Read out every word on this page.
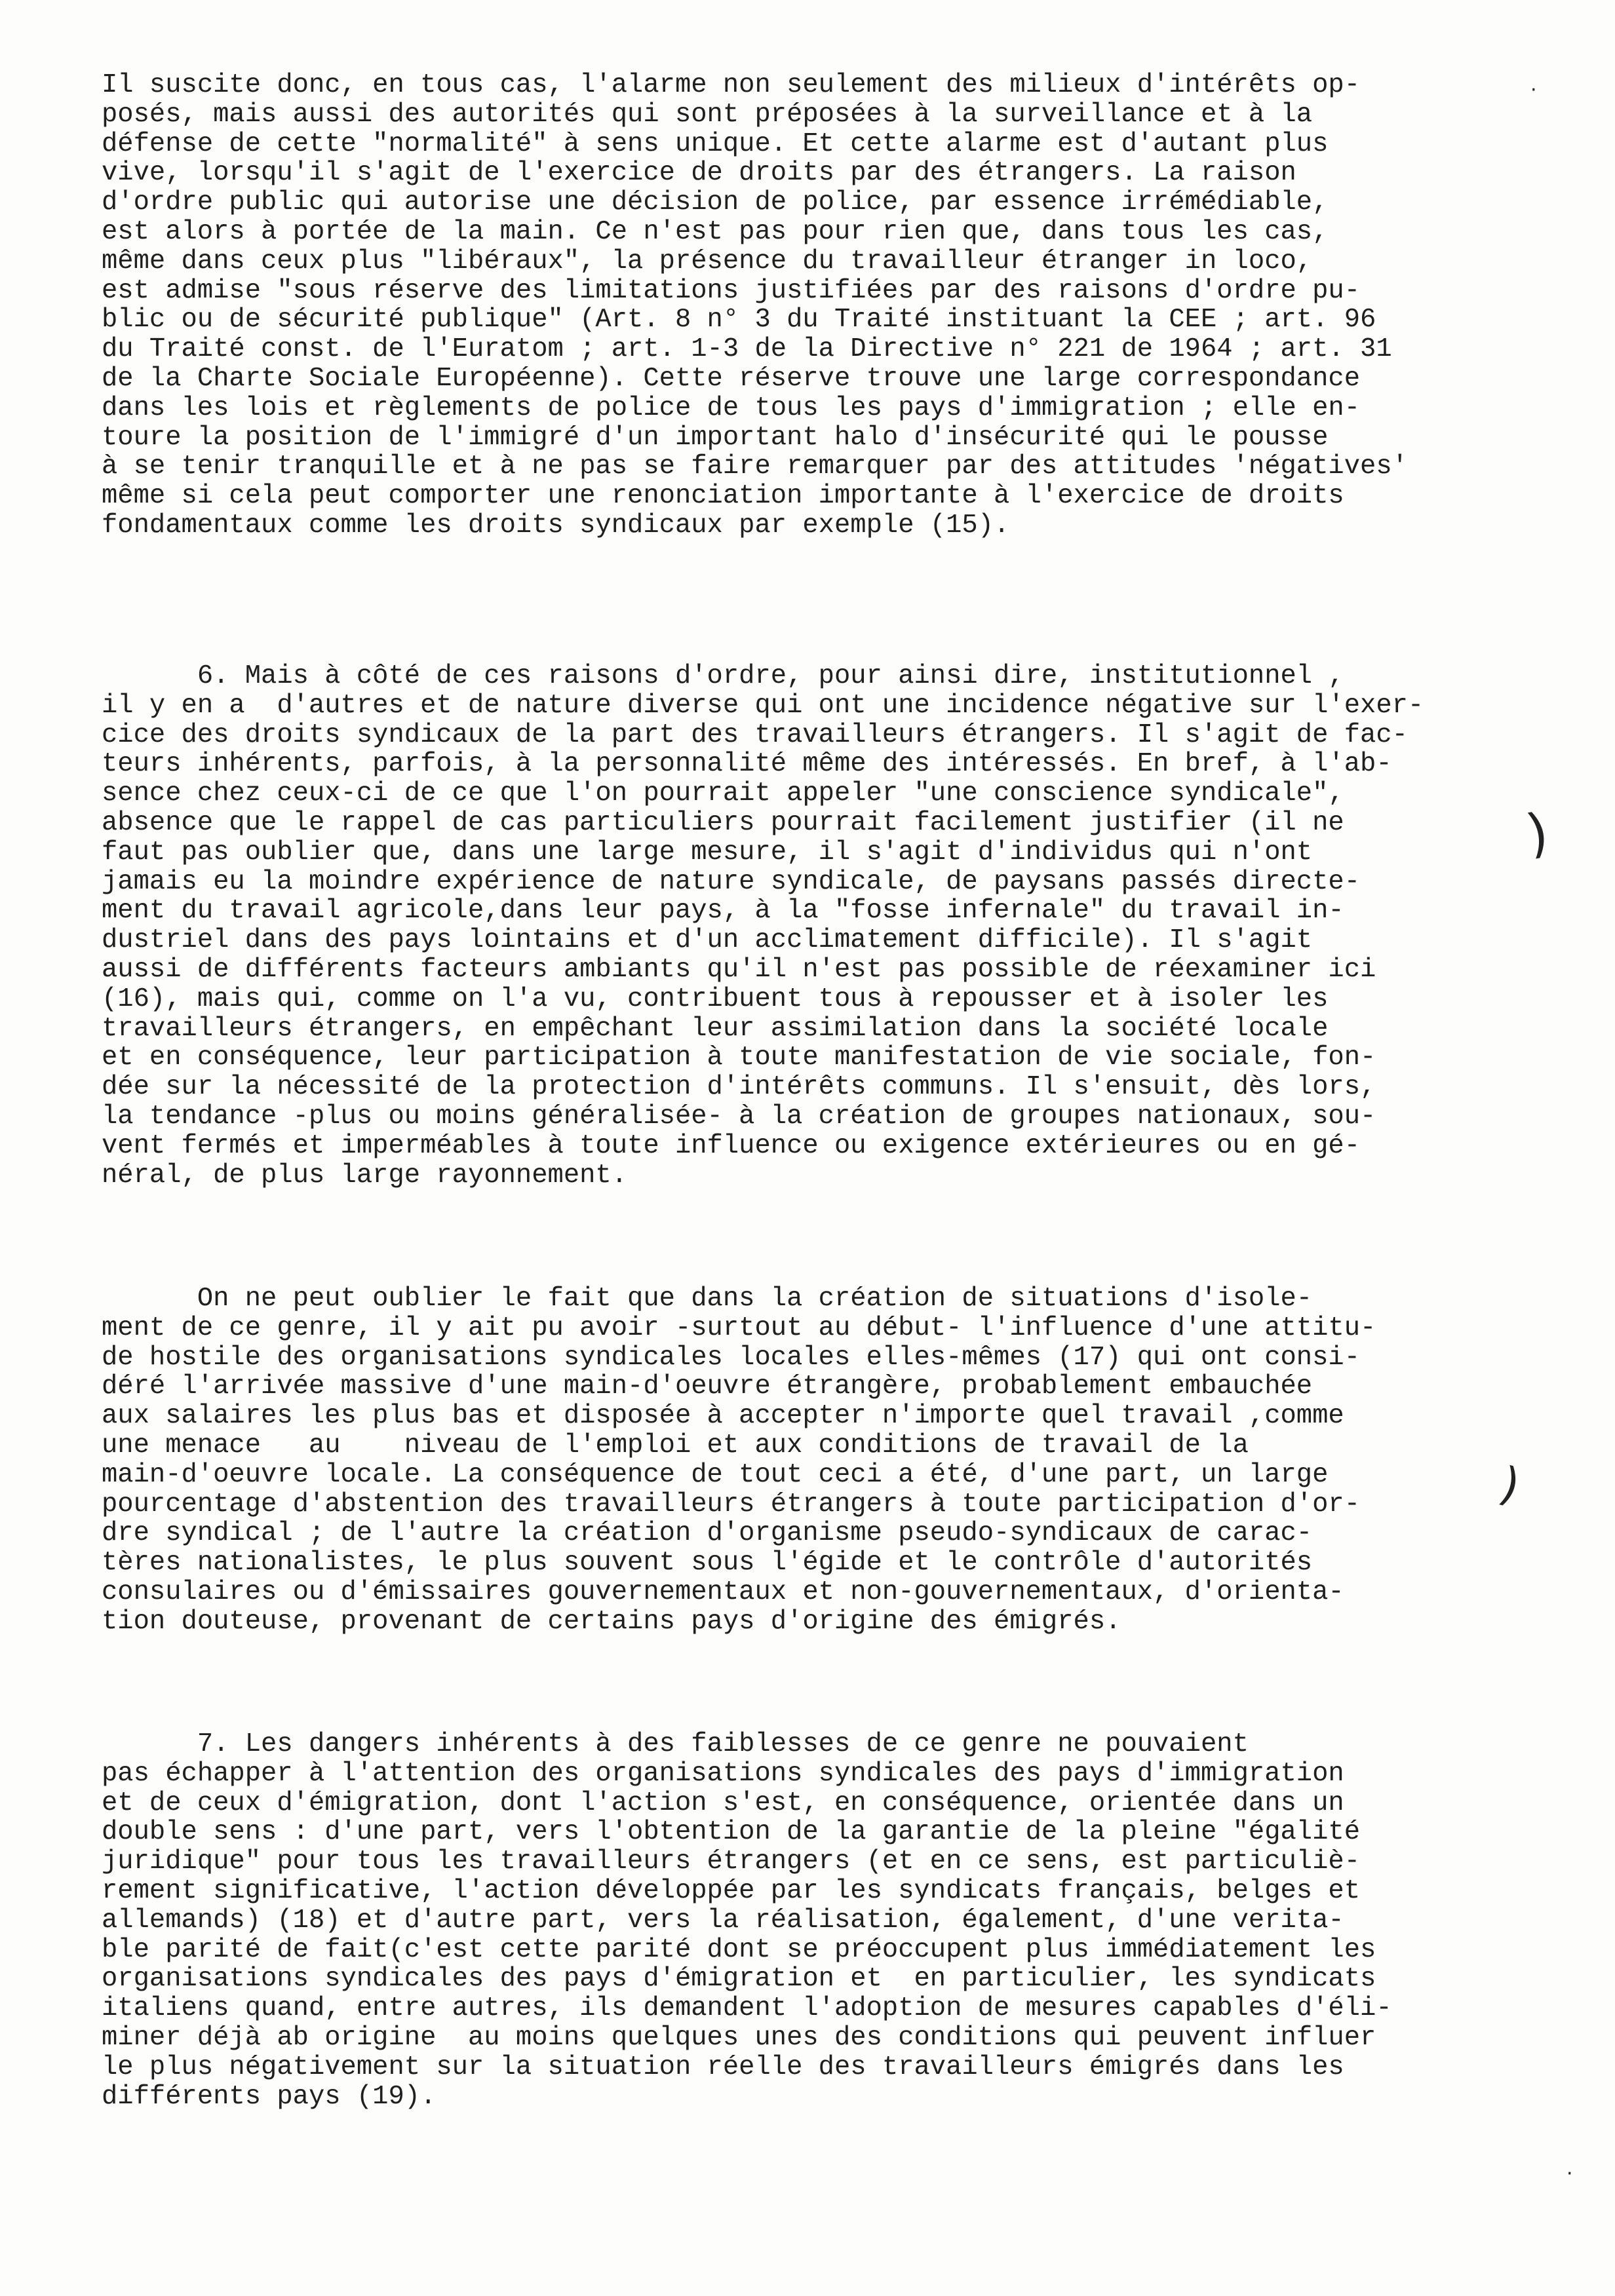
Il suscite donc, en tous cas, l'alarme non seulement des milieux d'intérêts op-
posés, mais aussi des autorités qui sont préposées à la surveillance et à la
défense de cette "normalité" à sens unique. Et cette alarme est d'autant plus
vive, lorsqu'il s'agit de l'exercice de droits par des étrangers. La raison
d'ordre public qui autorise une décision de police, par essence irrémédiable,
est alors à portée de la main. Ce n'est pas pour rien que, dans tous les cas,
même dans ceux plus "libéraux", la présence du travailleur étranger in loco,
est admise "sous réserve des limitations justifiées par des raisons d'ordre pu-
blic ou de sécurité publique" (Art. 8 n° 3 du Traité instituant la CEE ; art. 96
du Traité const. de l'Euratom ; art. 1-3 de la Directive n° 221 de 1964 ; art. 31
de la Charte Sociale Européenne). Cette réserve trouve une large correspondance
dans les lois et règlements de police de tous les pays d'immigration ; elle en-
toure la position de l'immigré d'un important halo d'insécurité qui le pousse
à se tenir tranquille et à ne pas se faire remarquer par des attitudes 'négatives'
même si cela peut comporter une renonciation importante à l'exercice de droits
fondamentaux comme les droits syndicaux par exemple (15).
6. Mais à côté de ces raisons d'ordre, pour ainsi dire, institutionnel ,
il y en a  d'autres et de nature diverse qui ont une incidence négative sur l'exer-
cice des droits syndicaux de la part des travailleurs étrangers. Il s'agit de fac-
teurs inhérents, parfois, à la personnalité même des intéressés. En bref, à l'ab-
sence chez ceux-ci de ce que l'on pourrait appeler "une conscience syndicale",
absence que le rappel de cas particuliers pourrait facilement justifier (il ne
faut pas oublier que, dans une large mesure, il s'agit d'individus qui n'ont
jamais eu la moindre expérience de nature syndicale, de paysans passés directe-
ment du travail agricole,dans leur pays, à la "fosse infernale" du travail in-
dustriel dans des pays lointains et d'un acclimatement difficile). Il s'agit
aussi de différents facteurs ambiants qu'il n'est pas possible de réexaminer ici
(16), mais qui, comme on l'a vu, contribuent tous à repousser et à isoler les
travailleurs étrangers, en empêchant leur assimilation dans la société locale
et en conséquence, leur participation à toute manifestation de vie sociale, fon-
dée sur la nécessité de la protection d'intérêts communs. Il s'ensuit, dès lors,
la tendance -plus ou moins généralisée- à la création de groupes nationaux, sou-
vent fermés et imperméables à toute influence ou exigence extérieures ou en gé-
néral, de plus large rayonnement.
On ne peut oublier le fait que dans la création de situations d'isole-
ment de ce genre, il y ait pu avoir -surtout au début- l'influence d'une attitu-
de hostile des organisations syndicales locales elles-mêmes (17) qui ont consi-
déré l'arrivée massive d'une main-d'oeuvre étrangère, probablement embauchée
aux salaires les plus bas et disposée à accepter n'importe quel travail ,comme
une menace   au    niveau de l'emploi et aux conditions de travail de la
main-d'oeuvre locale. La conséquence de tout ceci a été, d'une part, un large
pourcentage d'abstention des travailleurs étrangers à toute participation d'or-
dre syndical ; de l'autre la création d'organisme pseudo-syndicaux de carac-
tères nationalistes, le plus souvent sous l'égide et le contrôle d'autorités
consulaires ou d'émissaires gouvernementaux et non-gouvernementaux, d'orienta-
tion douteuse, provenant de certains pays d'origine des émigrés.
7. Les dangers inhérents à des faiblesses de ce genre ne pouvaient
pas échapper à l'attention des organisations syndicales des pays d'immigration
et de ceux d'émigration, dont l'action s'est, en conséquence, orientée dans un
double sens : d'une part, vers l'obtention de la garantie de la pleine "égalité
juridique" pour tous les travailleurs étrangers (et en ce sens, est particuliè-
rement significative, l'action développée par les syndicats français, belges et
allemands) (18) et d'autre part, vers la réalisation, également, d'une verita-
ble parité de fait(c'est cette parité dont se préoccupent plus immédiatement les
organisations syndicales des pays d'émigration et  en particulier, les syndicats
italiens quand, entre autres, ils demandent l'adoption de mesures capables d'éli-
miner déjà ab origine  au moins quelques unes des conditions qui peuvent influer
le plus négativement sur la situation réelle des travailleurs émigrés dans les
différents pays (19).
·
)
)
·
